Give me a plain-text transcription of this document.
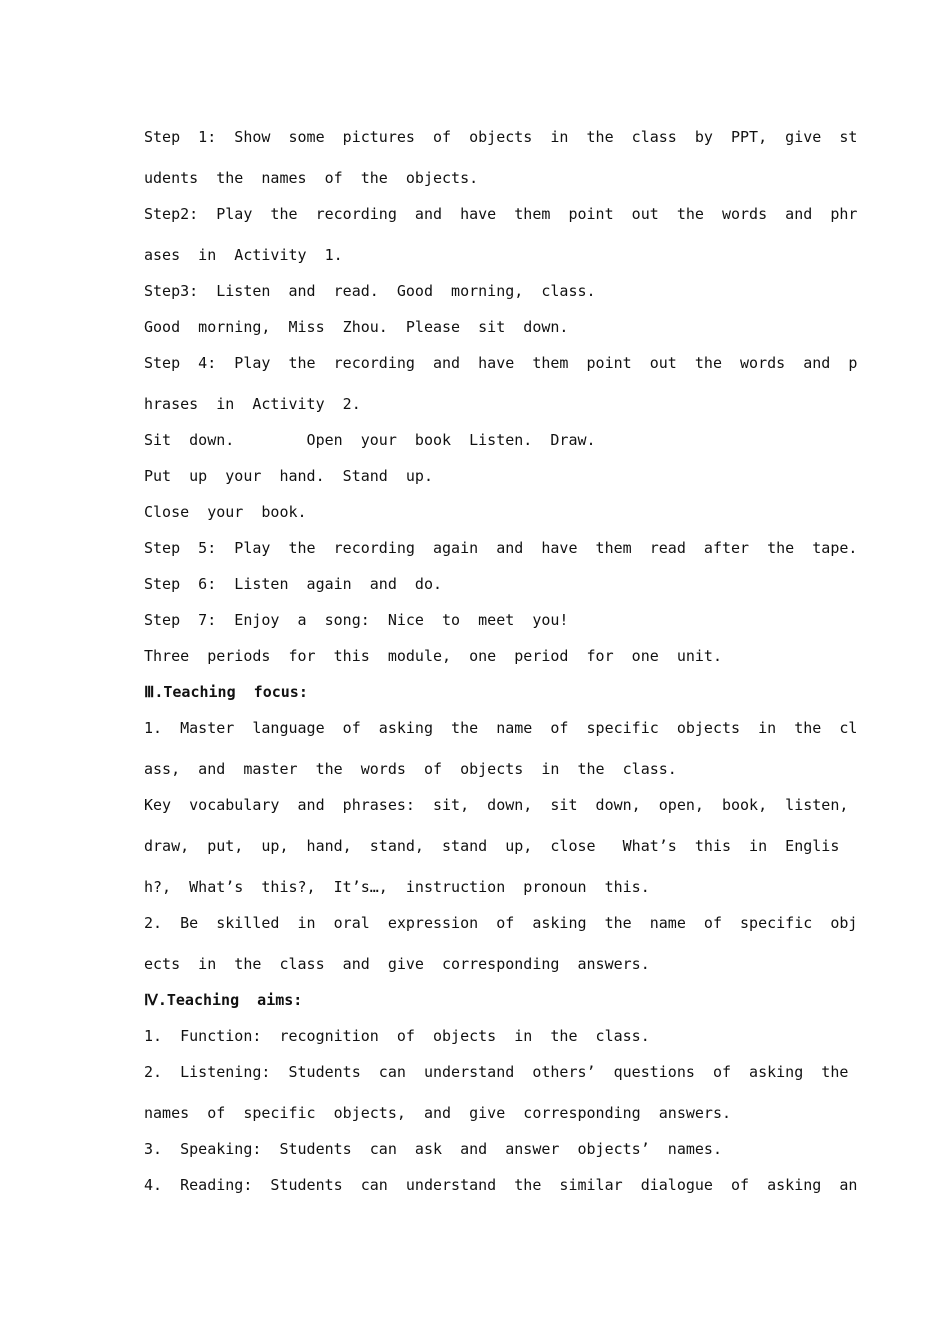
Step  1:  Show  some  pictures  of  objects  in  the  class  by  PPT,  give  st
udents  the  names  of  the  objects.
Step2:  Play  the  recording  and  have  them  point  out  the  words  and  phr
ases  in  Activity  1.
Step3:  Listen  and  read.  Good  morning,  class.
Good  morning,  Miss  Zhou.  Please  sit  down.
Step  4:  Play  the  recording  and  have  them  point  out  the  words  and  p
hrases  in  Activity  2.
Sit  down.        Open  your  book  Listen.  Draw.
Put  up  your  hand.  Stand  up.
Close  your  book.
Step  5:  Play  the  recording  again  and  have  them  read  after  the  tape.
Step  6:  Listen  again  and  do.
Step  7:  Enjoy  a  song:  Nice  to  meet  you!
Three  periods  for  this  module,  one  period  for  one  unit.
Ⅲ.Teaching  focus:
1.  Master  language  of  asking  the  name  of  specific  objects  in  the  cl
ass,  and  master  the  words  of  objects  in  the  class.
Key  vocabulary  and  phrases:  sit,  down,  sit  down,  open,  book,  listen,
draw,  put,  up,  hand,  stand,  stand  up,  close   What’s  this  in  Englis
h?,  What’s  this?,  It’s…,  instruction  pronoun  this.
2.  Be  skilled  in  oral  expression  of  asking  the  name  of  specific  obj
ects  in  the  class  and  give  corresponding  answers.
Ⅳ.Teaching  aims:
1.  Function:  recognition  of  objects  in  the  class.
2.  Listening:  Students  can  understand  others’  questions  of  asking  the
names  of  specific  objects,  and  give  corresponding  answers.
3.  Speaking:  Students  can  ask  and  answer  objects’  names.
4.  Reading:  Students  can  understand  the  similar  dialogue  of  asking  an
